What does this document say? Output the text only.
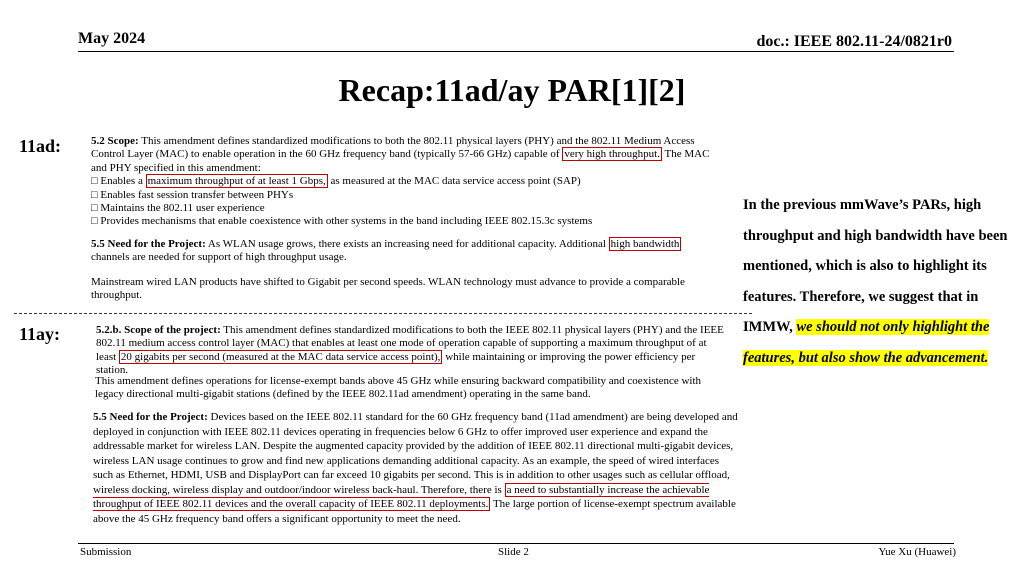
May 2024	doc.: IEEE 802.11-24/0821r0
Recap:11ad/ay PAR[1][2]
11ad:
11ay:
5.2 Scope: This amendment defines standardized modifications to both the 802.11 physical layers (PHY) and the 802.11 Medium Access Control Layer (MAC) to enable operation in the 60 GHz frequency band (typically 57-66 GHz) capable of very high throughput. The MAC and PHY specified in this amendment:
□ Enables a maximum throughput of at least 1 Gbps, as measured at the MAC data service access point (SAP)
□ Enables fast session transfer between PHYs
□ Maintains the 802.11 user experience
□ Provides mechanisms that enable coexistence with other systems in the band including IEEE 802.15.3c systems
5.5 Need for the Project: As WLAN usage grows, there exists an increasing need for additional capacity. Additional high bandwidth channels are needed for support of high throughput usage.
Mainstream wired LAN products have shifted to Gigabit per second speeds. WLAN technology must advance to provide a comparable throughput.
5.2.b. Scope of the project: This amendment defines standardized modifications to both the IEEE 802.11 physical layers (PHY) and the IEEE 802.11 medium access control layer (MAC) that enables at least one mode of operation capable of supporting a maximum throughput of at least 20 gigabits per second (measured at the MAC data service access point), while maintaining or improving the power efficiency per station.
This amendment defines operations for license-exempt bands above 45 GHz while ensuring backward compatibility and coexistence with legacy directional multi-gigabit stations (defined by the IEEE 802.11ad amendment) operating in the same band.
5.5 Need for the Project: Devices based on the IEEE 802.11 standard for the 60 GHz frequency band (11ad amendment) are being developed and deployed in conjunction with IEEE 802.11 devices operating in frequencies below 6 GHz to offer improved user experience and expand the addressable market for wireless LAN. Despite the augmented capacity provided by the addition of IEEE 802.11 directional multi-gigabit devices, wireless LAN usage continues to grow and find new applications demanding additional capacity. As an example, the speed of wired interfaces such as Ethernet, HDMI, USB and DisplayPort can far exceed 10 gigabits per second. This is in addition to other usages such as cellular offload, wireless docking, wireless display and outdoor/indoor wireless back-haul. Therefore, there is a need to substantially increase the achievable throughput of IEEE 802.11 devices and the overall capacity of IEEE 802.11 deployments. The large portion of license-exempt spectrum available above the 45 GHz frequency band offers a significant opportunity to meet the need.
In the previous mmWave’s PARs, high throughput and high bandwidth have been mentioned, which is also to highlight its features. Therefore, we suggest that in IMMW, we should not only highlight the features, but also show the advancement.
Submission	Slide 2	Yue Xu (Huawei)
